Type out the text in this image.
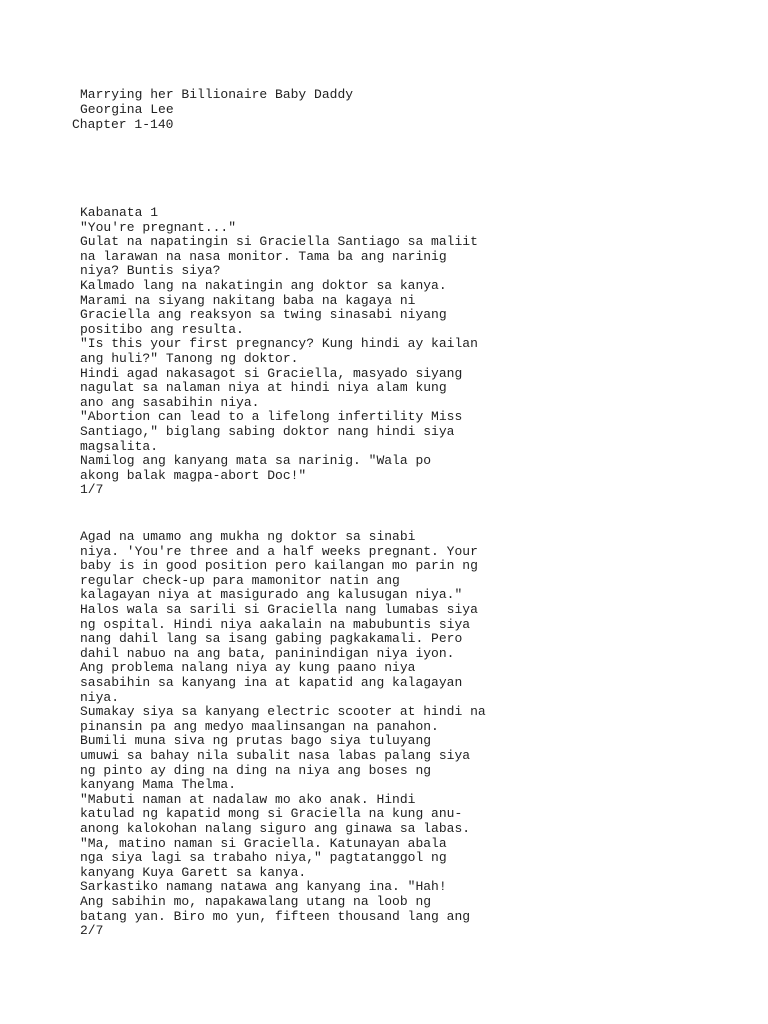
Marrying her Billionaire Baby Daddy
Georgina Lee
Chapter 1-140
Kabanata 1
"You're pregnant..."
Gulat na napatingin si Graciella Santiago sa maliit
na larawan na nasa monitor. Tama ba ang narinig
niya? Buntis siya?
Kalmado lang na nakatingin ang doktor sa kanya.
Marami na siyang nakitang baba na kagaya ni
Graciella ang reaksyon sa twing sinasabi niyang
positibo ang resulta.
"Is this your first pregnancy? Kung hindi ay kailan
ang huli?" Tanong ng doktor.
Hindi agad nakasagot si Graciella, masyado siyang
nagulat sa nalaman niya at hindi niya alam kung
ano ang sasabihin niya.
"Abortion can lead to a lifelong infertility Miss
Santiago," biglang sabing doktor nang hindi siya
magsalita.
Namilog ang kanyang mata sa narinig. "Wala po
akong balak magpa-abort Doc!"
1/7
Agad na umamo ang mukha ng doktor sa sinabi
niya. 'You're three and a half weeks pregnant. Your
baby is in good position pero kailangan mo parin ng
regular check-up para mamonitor natin ang
kalagayan niya at masigurado ang kalusugan niya."
Halos wala sa sarili si Graciella nang lumabas siya
ng ospital. Hindi niya aakalain na mabubuntis siya
nang dahil lang sa isang gabing pagkakamali. Pero
dahil nabuo na ang bata, paninindigan niya iyon.
Ang problema nalang niya ay kung paano niya
sasabihin sa kanyang ina at kapatid ang kalagayan
niya.
Sumakay siya sa kanyang electric scooter at hindi na
pinansin pa ang medyo maalinsangan na panahon.
Bumili muna siva ng prutas bago siya tuluyang
umuwi sa bahay nila subalit nasa labas palang siya
ng pinto ay ding na ding na niya ang boses ng
kanyang Mama Thelma.
"Mabuti naman at nadalaw mo ako anak. Hindi
katulad ng kapatid mong si Graciella na kung anu-
anong kalokohan nalang siguro ang ginawa sa labas.
"Ma, matino naman si Graciella. Katunayan abala
nga siya lagi sa trabaho niya," pagtatanggol ng
kanyang Kuya Garett sa kanya.
Sarkastiko namang natawa ang kanyang ina. "Hah!
Ang sabihin mo, napakawalang utang na loob ng
batang yan. Biro mo yun, fifteen thousand lang ang
2/7
